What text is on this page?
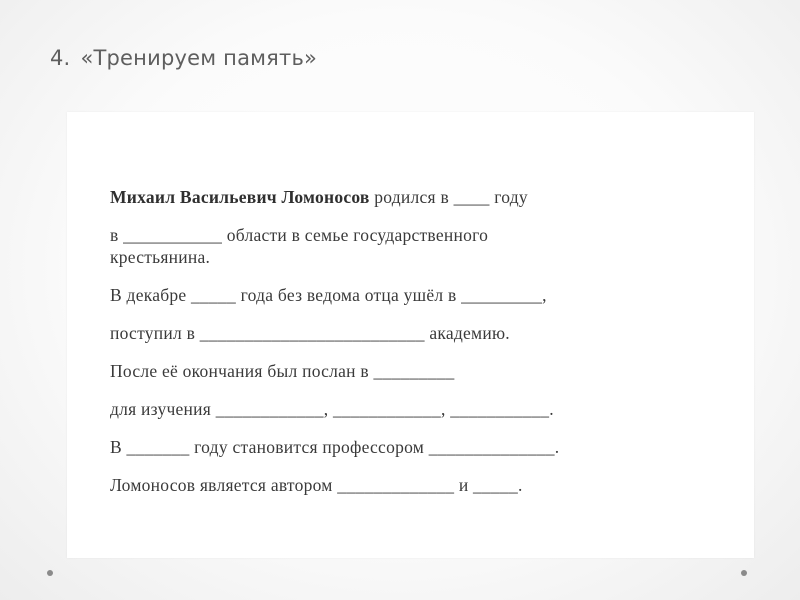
4. «Тренируем память»

Михаил Васильевич Ломоносов родился в ____ году

в ___________ области в семье государственного

крестьянина.

В декабре _____ года без ведома отца ушёл в _________,

поступил в _________________________ академию.

После её окончания был послан в _________

для изучения ____________, ____________, ___________.

В _______ году становится профессором ______________.

Ломоносов является автором _____________ и _____.
